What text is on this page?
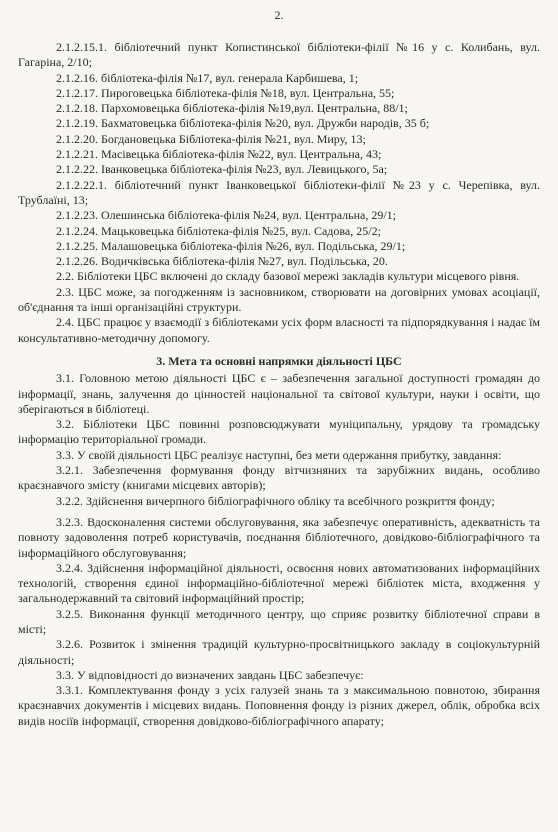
2.

2.1.2.15.1. бібліотечний пункт Копистинської бібліотеки-філії №16 у с. Колибань, вул. Гагаріна, 2/10;

2.1.2.16. бібліотека-філія №17, вул. генерала Карбишева, 1;

2.1.2.17. Пироговецька бібліотека-філія №18, вул. Центральна, 55;

2.1.2.18. Пархомовецька бібліотека-філія №19,вул. Центральна, 88/1;

2.1.2.19. Бахматовецька бібліотека-філія №20, вул. Дружби народів, 35 б;

2.1.2.20. Богдановецька Бібліотека-філія №21, вул. Миру, 13;

2.1.2.21. Масівецька бібліотека-філія №22, вул. Центральна, 43;

2.1.2.22. Іванковецька бібліотека-філія №23, вул. Левицького, 5а;

2.1.2.22.1. бібліотечний пункт Іванковецької бібліотеки-філії №23 у с. Черепівка, вул. Трублаїні, 13;

2.1.2.23. Олешинська бібліотека-філія №24, вул. Центральна, 29/1;

2.1.2.24. Мацьковецька бібліотека-філія №25, вул. Садова, 25/2;

2.1.2.25. Малашовецька бібліотека-філія №26, вул. Подільська, 29/1;

2.1.2.26. Водичківська бібліотека-філія №27, вул. Подільська, 20.

2.2. Бібліотеки ЦБС включені до складу базової мережі закладів культури місцевого рівня.

2.3. ЦБС може, за погодженням із засновником, створювати на договірних умовах асоціації, об'єднання та інші організаційні структури.

2.4. ЦБС працює у взаємодії з бібліотеками усіх форм власності та підпорядкування і надає їм консультативно-методичну допомогу.

3. Мета та основні напрямки діяльності ЦБС

3.1. Головною метою діяльності ЦБС є – забезпечення загальної доступності громадян до інформації, знань, залучення до цінностей національної та світової культури, науки і освіти, що зберігаються в бібліотеці.

3.2. Бібліотеки ЦБС повинні розповсюджувати муніципальну, урядову та громадську інформацію територіальної громади.

3.3. У своїй діяльності ЦБС реалізує наступні, без мети одержання прибутку, завдання:

3.2.1. Забезпечення формування фонду вітчизняних та зарубіжних видань, особливо краєзнавчого змісту (книгами місцевих авторів);

3.2.2. Здійснення вичерпного бібліографічного обліку та всебічного розкриття фонду;

3.2.3. Вдосконалення системи обслуговування, яка забезпечує оперативність, адекватність та повноту задоволення потреб користувачів, поєднання бібліотечного, довідково-бібліографічного та інформаційного обслуговування;

3.2.4. Здійснення інформаційної діяльності, освоєння нових автоматизованих інформаційних технологій, створення єдиної інформаційно-бібліотечної мережі бібліотек міста, входження у загальнодержавний та світовий інформаційний простір;

3.2.5. Виконання функції методичного центру, що сприяє розвитку бібліотечної справи в місті;

3.2.6. Розвиток і змінення традицій культурно-просвітницького закладу в соціокультурній діяльності;

3.3. У відповідності до визначених завдань ЦБС забезпечує:

3.3.1. Комплектування фонду з усіх галузей знань та з максимальною повнотою, збирання краєзнавчих документів і місцевих видань. Поповнення фонду із різних джерел, облік, обробка всіх видів носіїв інформації, створення довідково-бібліографічного апарату;
